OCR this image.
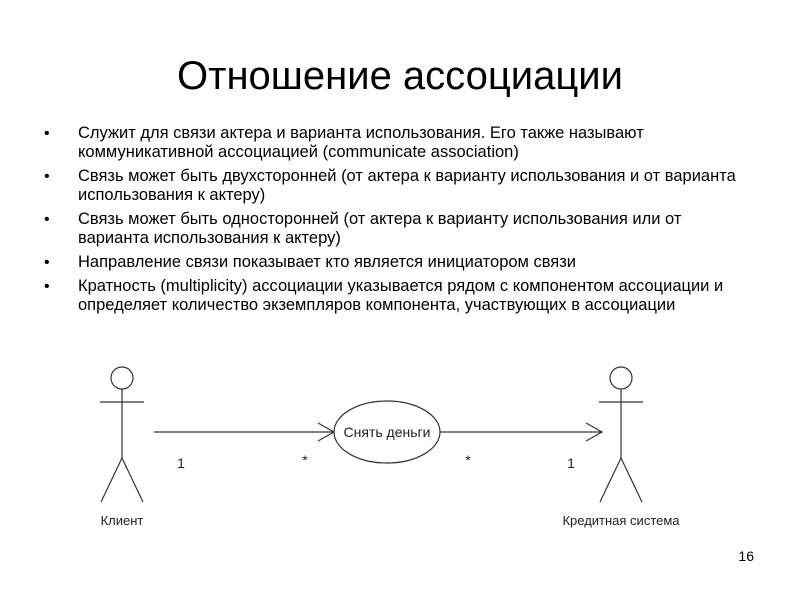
Отношение ассоциации
• Служит для связи актера и варианта использования. Его также называют коммуникативной ассоциацией (communicate association)
• Связь может быть двухсторонней (от актера к варианту использования и от варианта использования к актеру)
• Связь может быть односторонней (от актера к варианту использования или от варианта использования к актеру)
• Направление связи показывает кто является инициатором связи
• Кратность (multiplicity) ассоциации указывается рядом с компонентом ассоциации и определяет количество экземпляров компонента, участвующих в ассоциации
Клиент	Кредитная система
Снять деньги
1	*	*	1
16
